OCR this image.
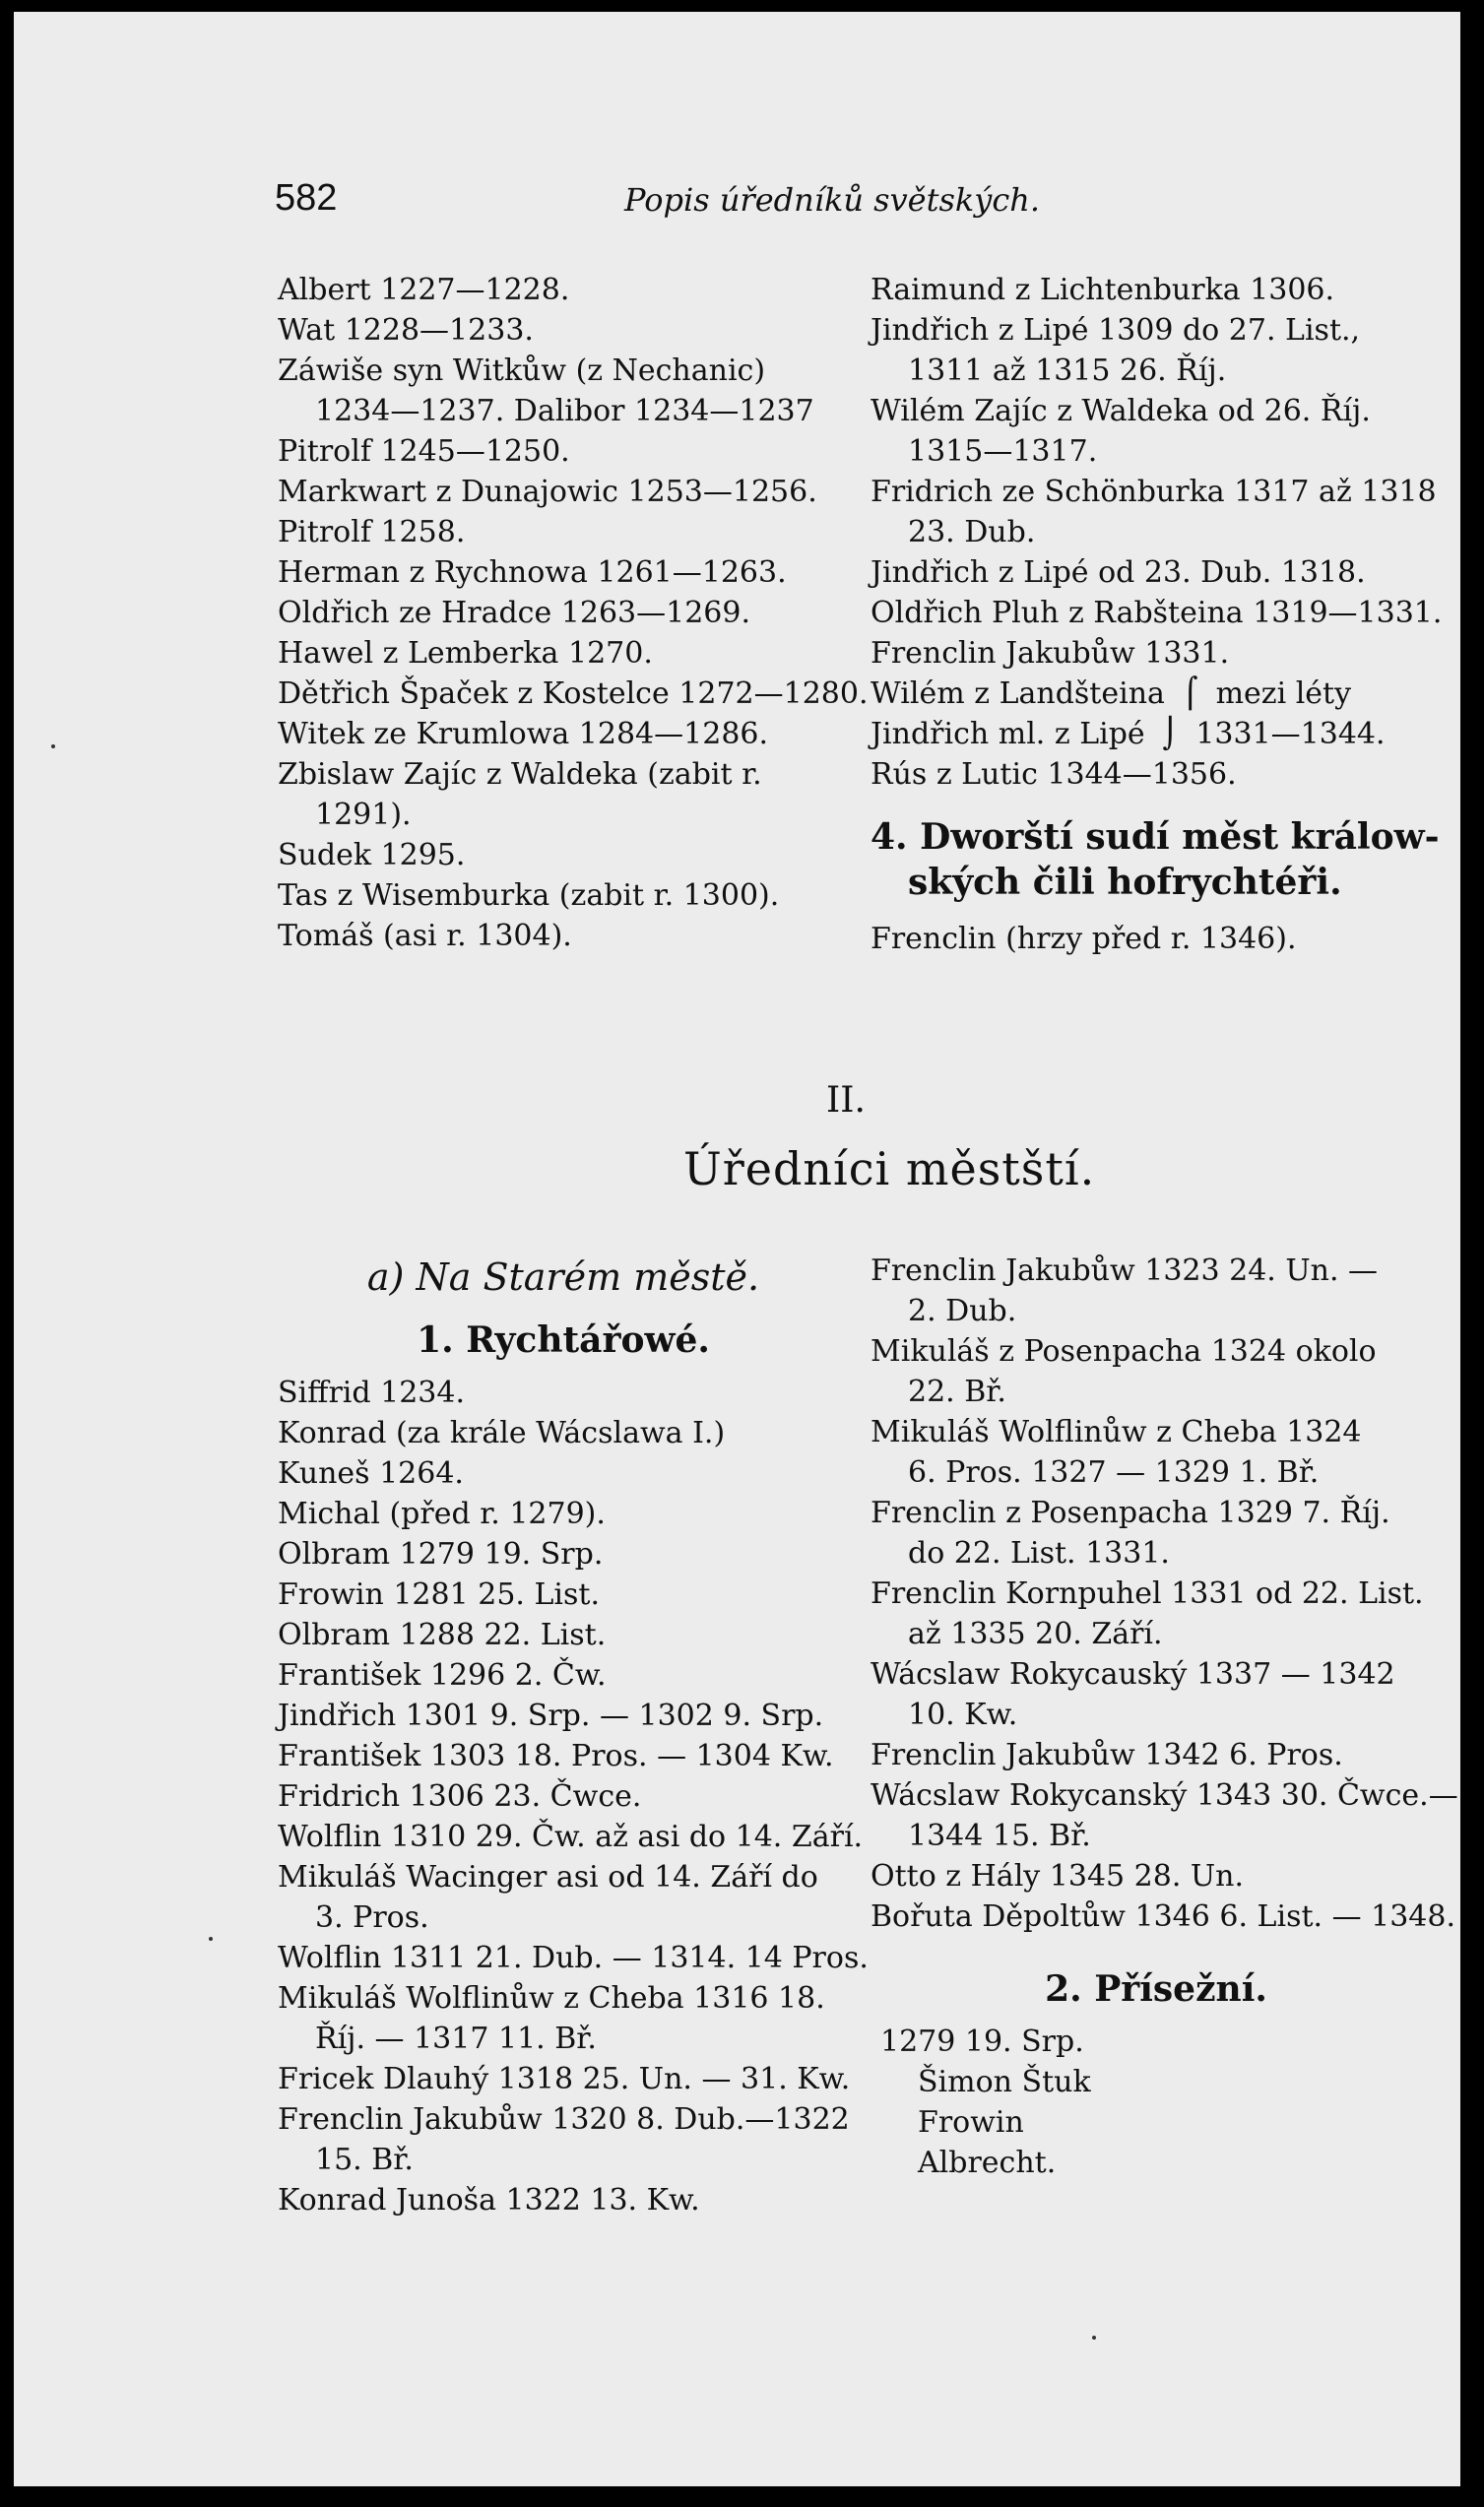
582	Popis úředníků světských.

Albert 1227—1228.

Wat 1228—1233.

Záwiše syn Witkůw (z Nechanic)

1234—1237. Dalibor 1234—1237

Pitrolf 1245—1250.

Markwart z Dunajowic 1253—1256.

Pitrolf 1258.

Herman z Rychnowa 1261—1263.

Oldřich ze Hradce 1263—1269.

Hawel z Lemberka 1270.

Dětřich Špaček z Kostelce 1272—1280.

Witek ze Krumlowa 1284—1286.

Zbislaw Zajíc z Waldeka (zabit r.

1291).

Sudek 1295.

Tas z Wisemburka (zabit r. 1300).

Tomáš (asi r. 1304).

Raimund z Lichtenburka 1306.

Jindřich z Lipé 1309 do 27. List.,

1311 až 1315 26. Říj.

Wilém Zajíc z Waldeka od 26. Říj.

1315—1317.

Fridrich ze Schönburka 1317 až 1318

23. Dub.

Jindřich z Lipé od 23. Dub. 1318.

Oldřich Pluh z Rabšteina 1319—1331.

Frenclin Jakubůw 1331.

Wilém z Landšteina ⌠ mezi léty

Jindřich ml. z Lipé ⌡ 1331—1344.

Rús z Lutic 1344—1356.

4. Dworští sudí měst králow-
ských čili hofrychtéři.

Frenclin (hrzy před r. 1346).

II.
Úředníci městští.
a) Na Starém městě.
1. Rychtářowé.

Siffrid 1234.

Konrad (za krále Wácslawa I.)

Kuneš 1264.

Michal (před r. 1279).

Olbram 1279 19. Srp.

Frowin 1281 25. List.

Olbram 1288 22. List.

František 1296 2. Čw.

Jindřich 1301 9. Srp. — 1302 9. Srp.

František 1303 18. Pros. — 1304 Kw.

Fridrich 1306 23. Čwce.

Wolflin 1310 29. Čw. až asi do 14. Září.

Mikuláš Wacinger asi od 14. Září do

3. Pros.

Wolflin 1311 21. Dub. — 1314. 14 Pros.

Mikuláš Wolflinůw z Cheba 1316 18.

Říj. — 1317 11. Bř.

Fricek Dlauhý 1318 25. Un. — 31. Kw.

Frenclin Jakubůw 1320 8. Dub.—1322

15. Bř.

Konrad Junoša 1322 13. Kw.

Frenclin Jakubůw 1323 24. Un. —

2. Dub.

Mikuláš z Posenpacha 1324 okolo

22. Bř.

Mikuláš Wolflinůw z Cheba 1324

6. Pros. 1327 — 1329 1. Bř.

Frenclin z Posenpacha 1329 7. Říj.

do 22. List. 1331.

Frenclin Kornpuhel 1331 od 22. List.

až 1335 20. Září.

Wácslaw Rokycauský 1337 — 1342

10. Kw.

Frenclin Jakubůw 1342 6. Pros.

Wácslaw Rokycanský 1343 30. Čwce.—

1344 15. Bř.

Otto z Hály 1345 28. Un.

Bořuta Děpoltůw 1346 6. List. — 1348.

2. Přísežní.

1279 19. Srp.

Šimon Štuk

Frowin

Albrecht.
